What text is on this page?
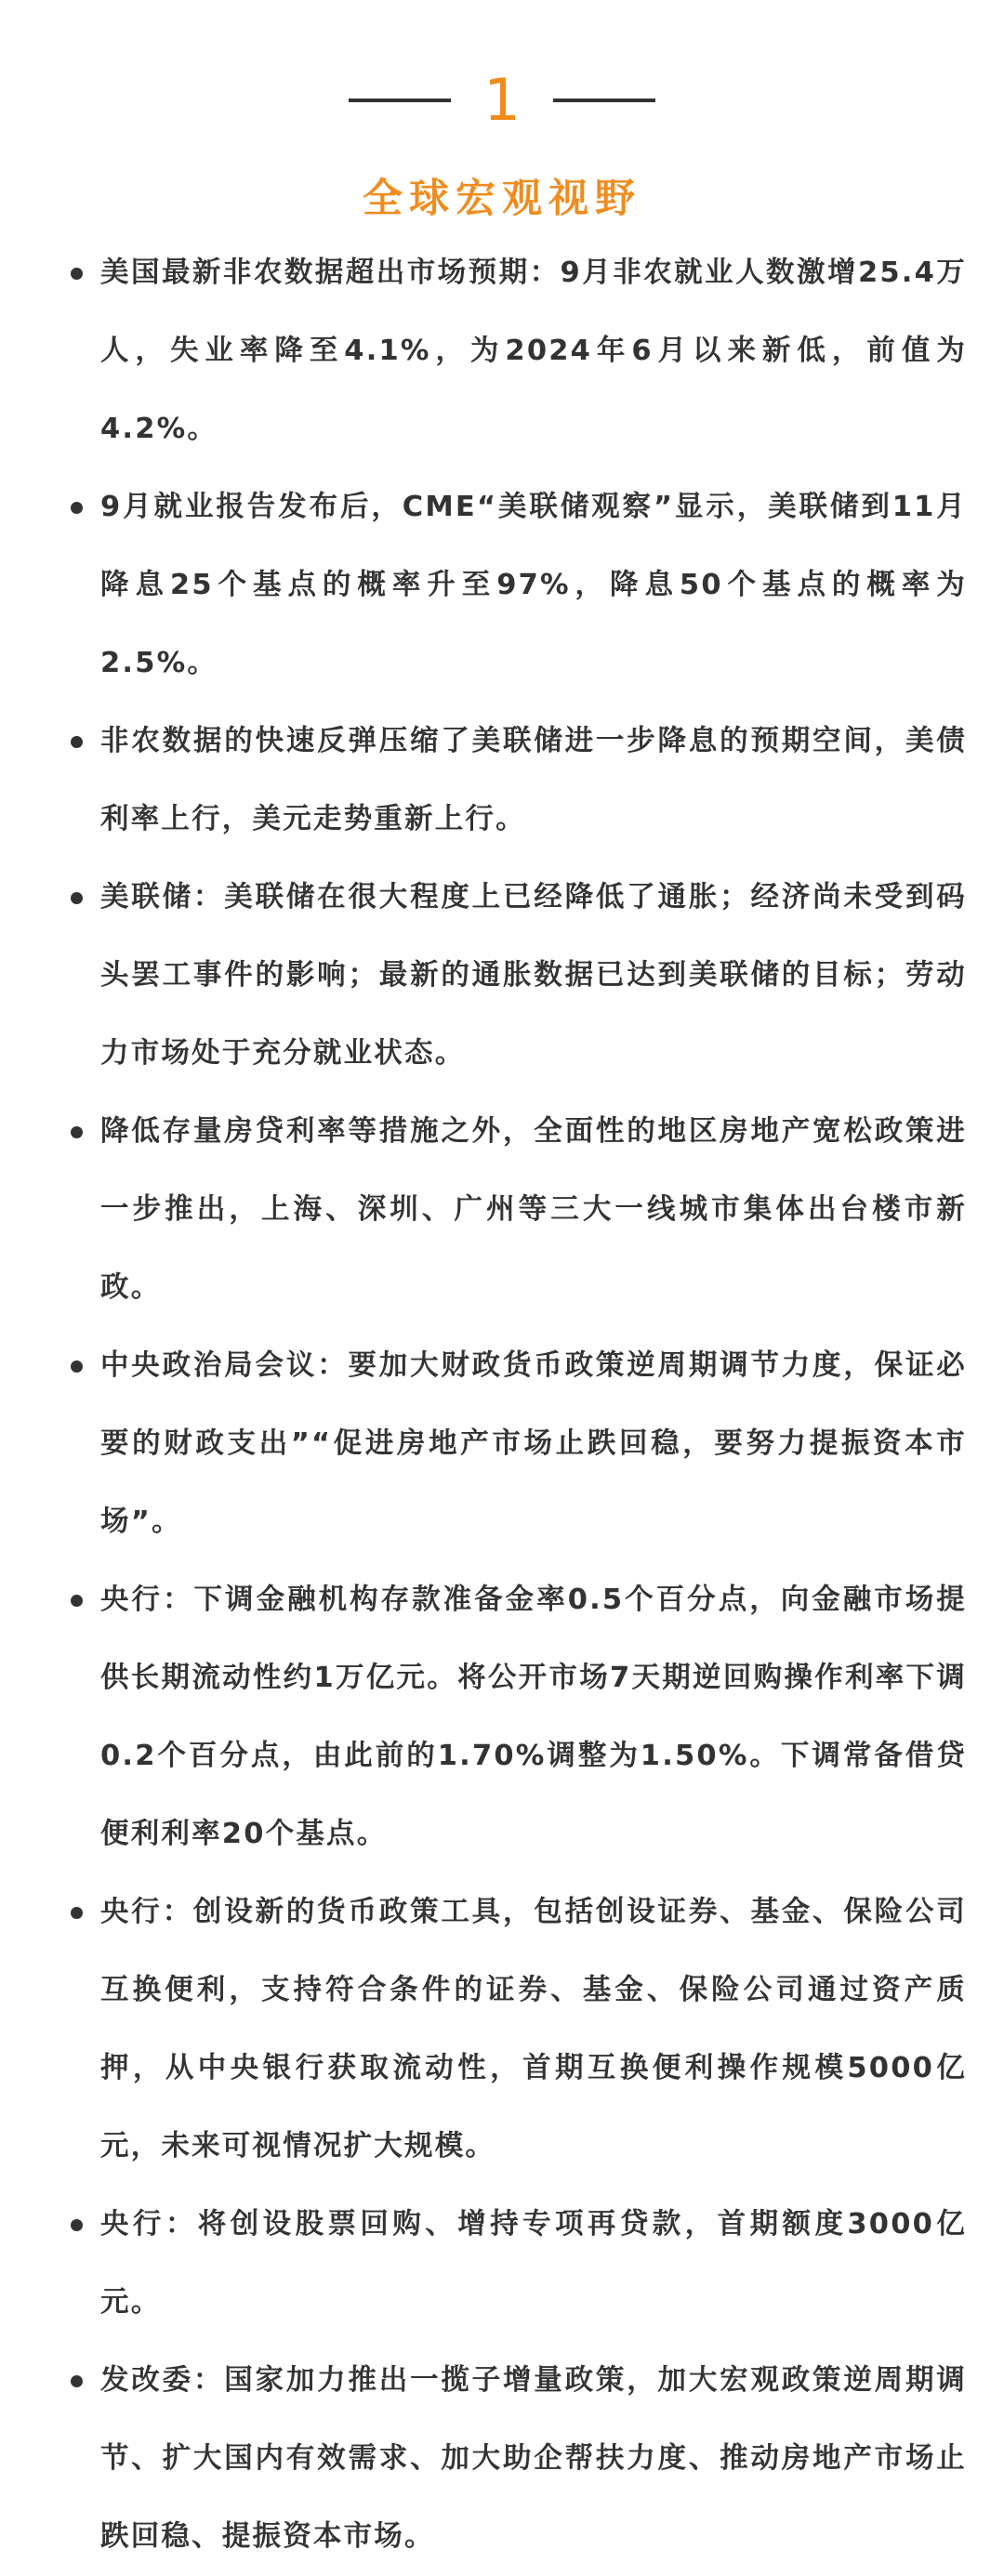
1
全球宏观视野
美国最新非农数据超出市场预期：9月非农就业人数激增25.4万人，失业率降至4.1%，为2024年6月以来新低，前值为4.2%。
9月就业报告发布后，CME“美联储观察”显示，美联储到11月降息25个基点的概率升至97%，降息50个基点的概率为2.5%。
非农数据的快速反弹压缩了美联储进一步降息的预期空间，美债利率上行，美元走势重新上行。
美联储：美联储在很大程度上已经降低了通胀；经济尚未受到码头罢工事件的影响；最新的通胀数据已达到美联储的目标；劳动力市场处于充分就业状态。
降低存量房贷利率等措施之外，全面性的地区房地产宽松政策进一步推出，上海、深圳、广州等三大一线城市集体出台楼市新政。
中央政治局会议：要加大财政货币政策逆周期调节力度，保证必要的财政支出”“促进房地产市场止跌回稳，要努力提振资本市场”。
央行：下调金融机构存款准备金率0.5个百分点，向金融市场提供长期流动性约1万亿元。将公开市场7天期逆回购操作利率下调0.2个百分点，由此前的1.70%调整为1.50%。下调常备借贷便利利率20个基点。
央行：创设新的货币政策工具，包括创设证券、基金、保险公司互换便利，支持符合条件的证券、基金、保险公司通过资产质押，从中央银行获取流动性，首期互换便利操作规模5000亿元，未来可视情况扩大规模。
央行：将创设股票回购、增持专项再贷款，首期额度3000亿元。
发改委：国家加力推出一揽子增量政策，加大宏观政策逆周期调节、扩大国内有效需求、加大助企帮扶力度、推动房地产市场止跌回稳、提振资本市场。
